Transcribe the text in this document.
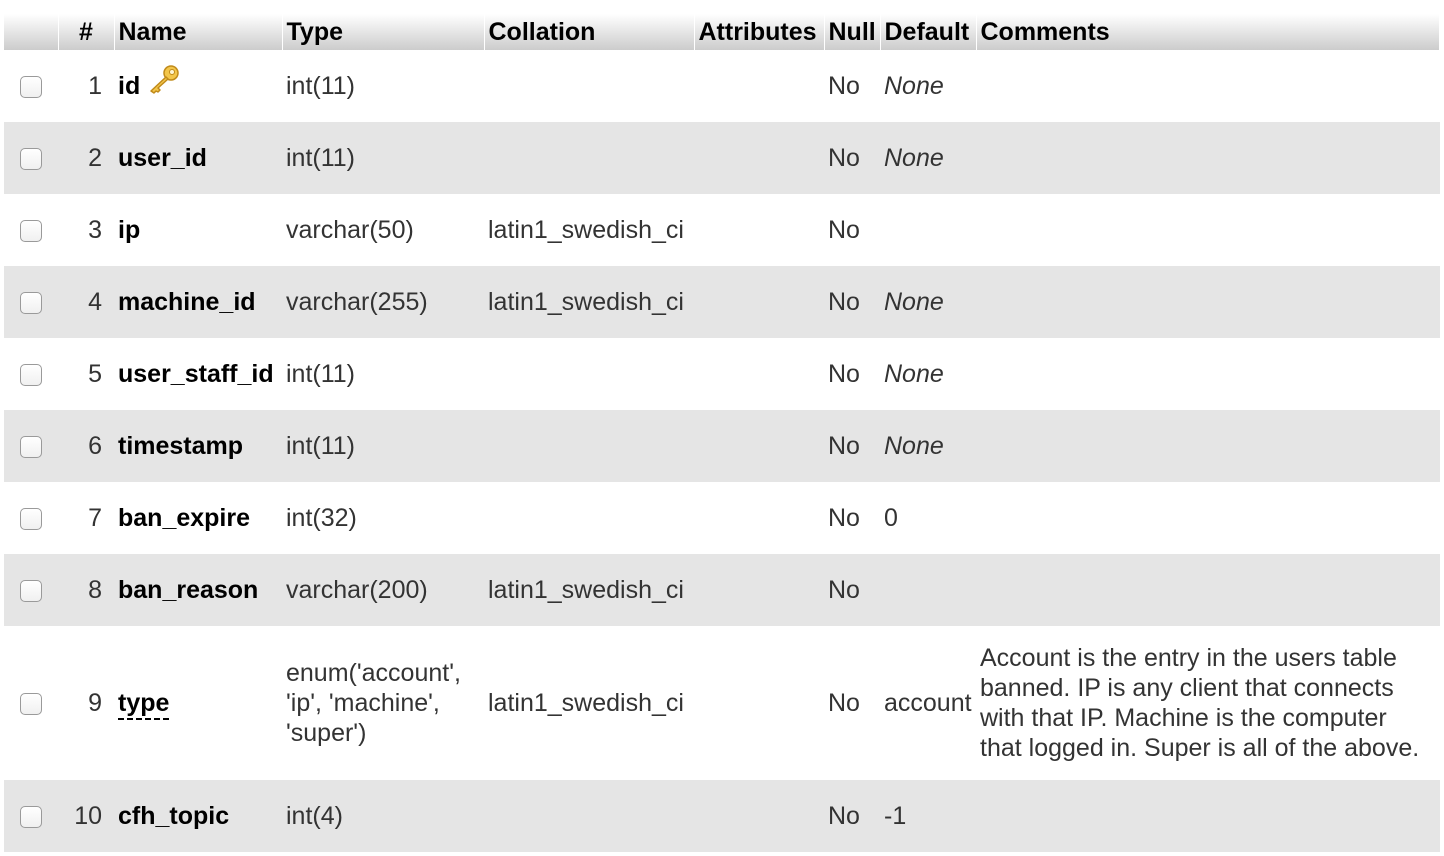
	#	Name	Type	Collation	Attributes	Null	Default	Comments
	1	id	int(11)			No	None	
	2	user_id	int(11)			No	None	
	3	ip	varchar(50)	latin1_swedish_ci		No		
	4	machine_id	varchar(255)	latin1_swedish_ci		No	None	
	5	user_staff_id	int(11)			No	None	
	6	timestamp	int(11)			No	None	
	7	ban_expire	int(32)			No	0	
	8	ban_reason	varchar(200)	latin1_swedish_ci		No		
	9	type	enum('account', 'ip', 'machine', 'super')	latin1_swedish_ci		No	account	Account is the entry in the users table banned. IP is any client that connects with that IP. Machine is the computer that logged in. Super is all of the above.
	10	cfh_topic	int(4)			No	-1	
